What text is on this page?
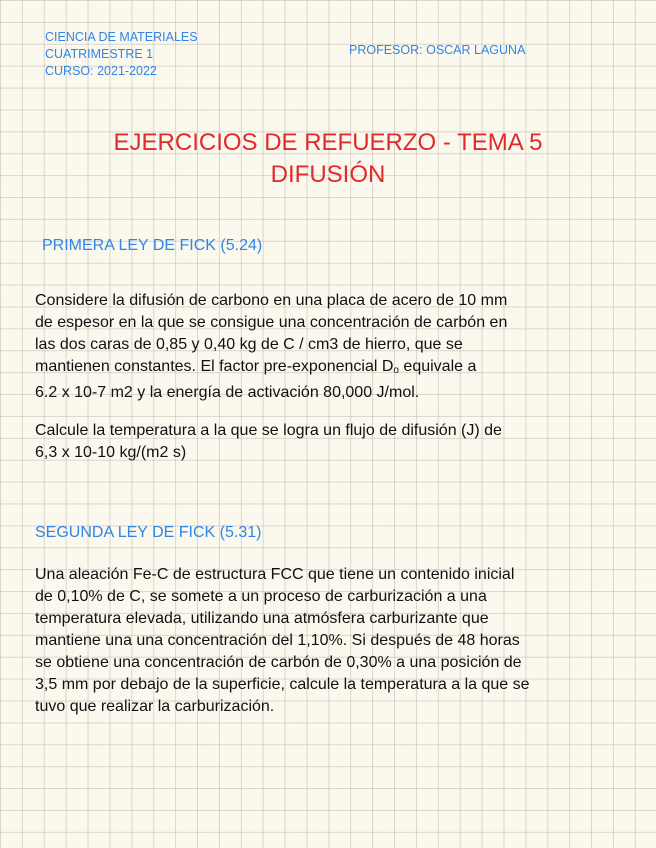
CIENCIA DE MATERIALES
CUATRIMESTRE 1
CURSO: 2021-2022
PROFESOR: OSCAR LAGUNA
EJERCICIOS DE REFUERZO - TEMA 5
DIFUSIÓN
PRIMERA LEY DE FICK (5.24)
Considere la difusión de carbono en una placa de acero de 10 mm
de espesor en la que se consigue una concentración de carbón en
las dos caras de 0,85 y 0,40 kg de C / cm3 de hierro, que se
mantienen constantes. El factor pre-exponencial $D_o$ equivale a
6.2 x 10-7 m2 y la energía de activación 80,000 J/mol.
Calcule la temperatura a la que se logra un flujo de difusión (J) de
6,3 x 10-10 kg/(m2 s)
SEGUNDA LEY DE FICK (5.31)
Una aleación Fe-C de estructura FCC que tiene un contenido inicial
de 0,10% de C, se somete a un proceso de carburización a una
temperatura elevada, utilizando una atmósfera carburizante que
mantiene una una concentración del 1,10%. Si después de 48 horas
se obtiene una concentración de carbón de 0,30% a una posición de
3,5 mm por debajo de la superficie, calcule la temperatura a la que se
tuvo que realizar la carburización.
